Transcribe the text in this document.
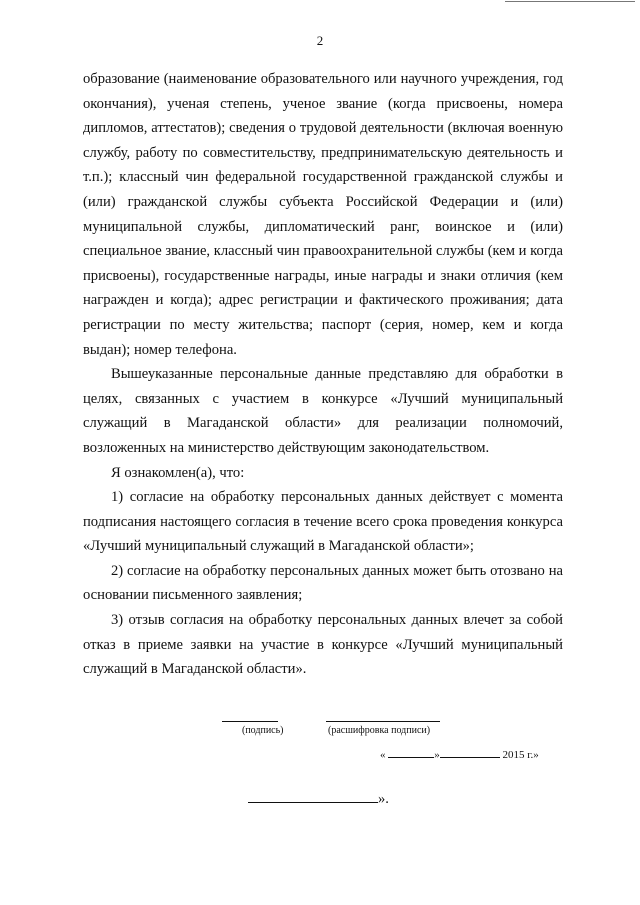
2

образование (наименование образовательного или научного учреждения, год окончания), ученая степень, ученое звание (когда присвоены, номера дипломов, аттестатов); сведения о трудовой деятельности (включая военную службу, работу по совместительству, предпринимательскую деятельность и т.п.); классный чин федеральной государственной гражданской службы и (или) гражданской службы субъекта Российской Федерации и (или) муниципальной службы, дипломатический ранг, воинское и (или) специальное звание, классный чин правоохранительной службы (кем и когда присвоены), государственные награды, иные награды и знаки отличия (кем награжден и когда); адрес регистрации и фактического проживания; дата регистрации по месту жительства; паспорт (серия, номер, кем и когда выдан); номер телефона.

Вышеуказанные персональные данные представляю для обработки в целях, связанных с участием в конкурсе «Лучший муниципальный служащий в Магаданской области» для реализации полномочий, возложенных на министерство действующим законодательством.

Я ознакомлен(а), что:

1) согласие на обработку персональных данных действует с момента подписания настоящего согласия в течение всего срока проведения конкурса «Лучший муниципальный служащий в Магаданской области»;

2) согласие на обработку персональных данных может быть отозвано на основании письменного заявления;

3) отзыв согласия на обработку персональных данных влечет за собой отказ в приеме заявки на участие в конкурсе «Лучший муниципальный служащий в Магаданской области».

(подпись)	(расшифровка подписи)
«	»	2015 г.»
».
